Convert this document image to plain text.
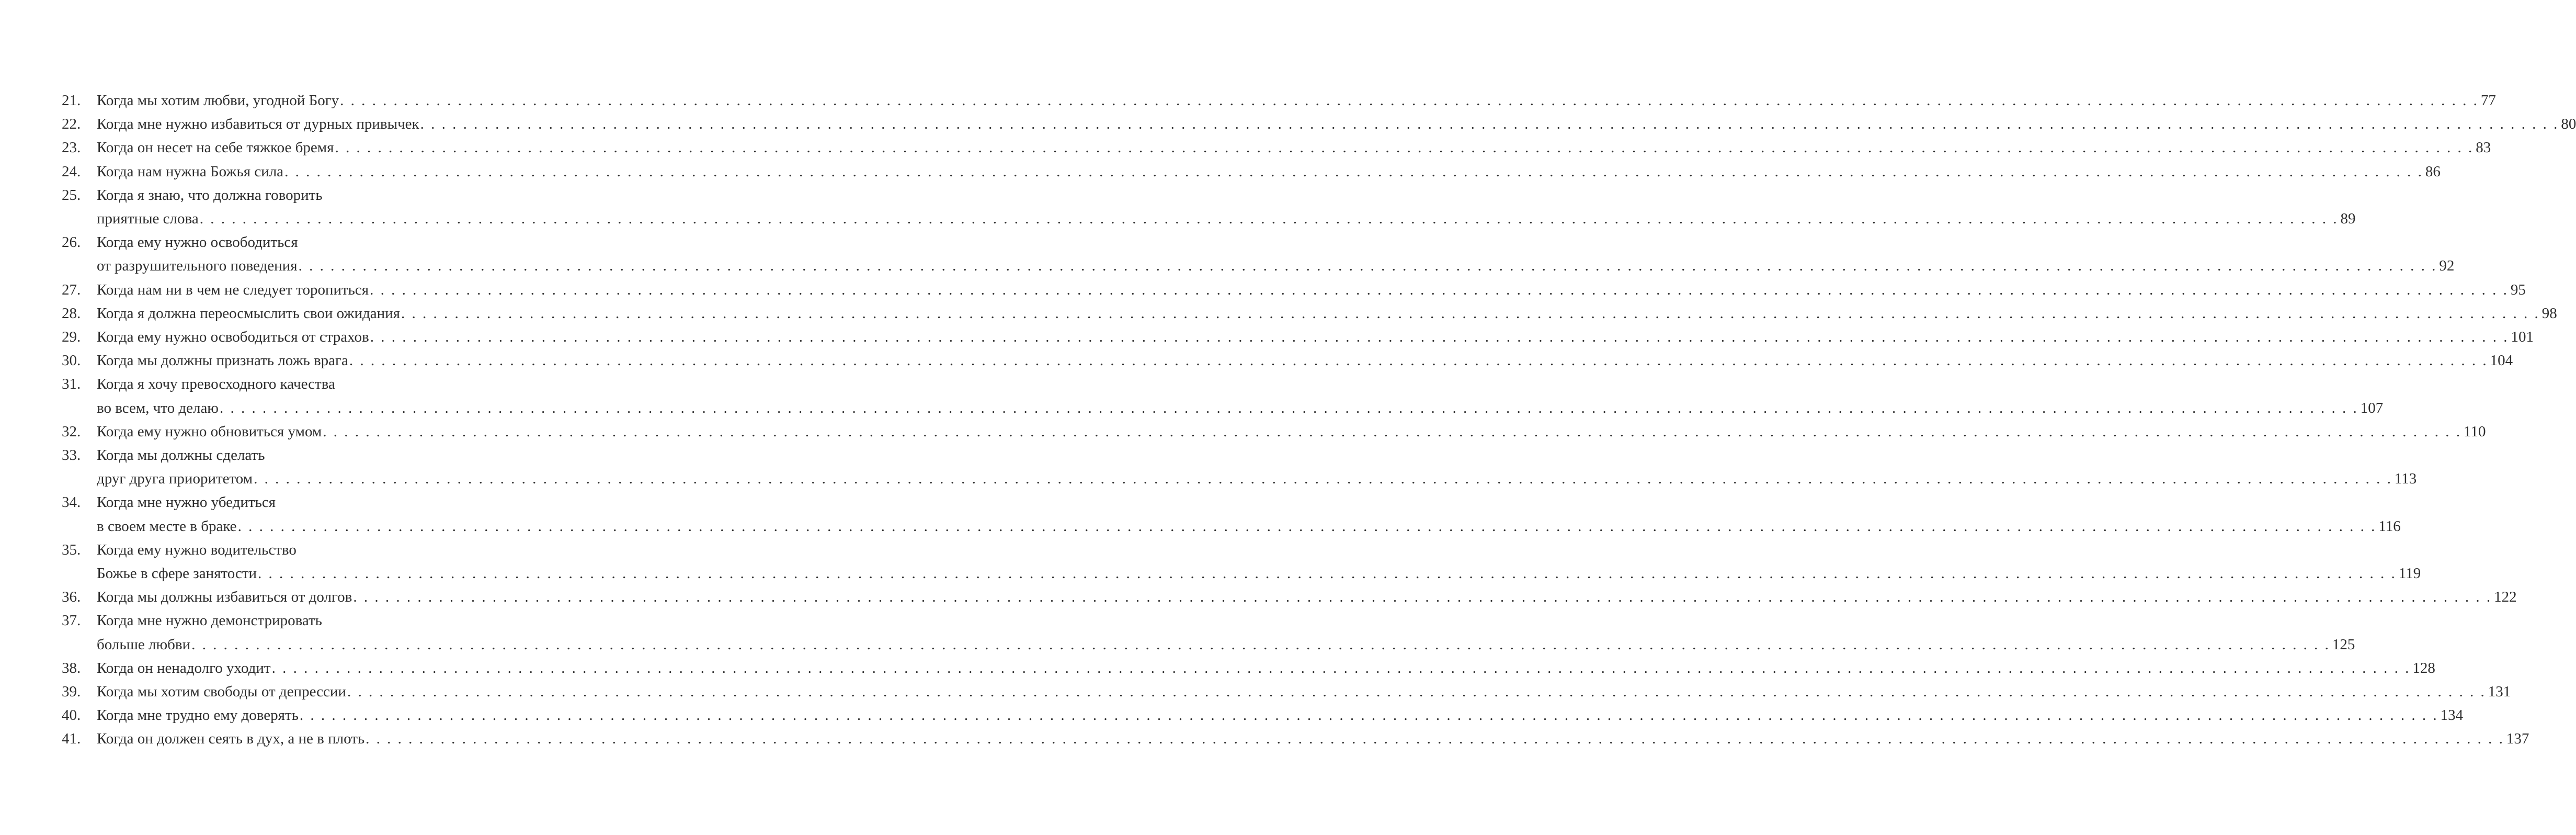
21.	Когда мы хотим любви, угодной Богу . . . . . . . . . . . . . . . . . . . . . . . . . . . . . . . . . . . . . . . . . . . . . . . . . . . . . . . . . . . . . . . . . . . . . . . . . . . . . . . . . . . . . . . . . . . . . . . . . . . . . . . . . . . . . . . . . . . . . . . . . . . . . . . . . . . . . . . . . . . . . . . . . . . . . . . . . . . . . . . . . . . . . . . . . . . . . . . . . . . . . . . . . . . . . . . . . . . . . . . . 77
22.	Когда мне нужно избавиться от дурных привычек . . . . . . . . . . . . . . . . . . . . . . . . . . . . . . . . . . . . . . . . . . . . . . . . . . . . . . . . . . . . . . . . . . . . . . . . . . . . . . . . . . . . . . . . . . . . . . . . . . . . . . . . . . . . . . . . . . . . . . . . . . . . . . . . . . . . . . . . . . . . . . . . . . . . . . . . . . . . . . . . . . . . . . . . . . . . . . . . . . . . . . . . . . . . . . . . . . . . . . . . 80
23.	Когда он несет на себе тяжкое бремя . . . . . . . . . . . . . . . . . . . . . . . . . . . . . . . . . . . . . . . . . . . . . . . . . . . . . . . . . . . . . . . . . . . . . . . . . . . . . . . . . . . . . . . . . . . . . . . . . . . . . . . . . . . . . . . . . . . . . . . . . . . . . . . . . . . . . . . . . . . . . . . . . . . . . . . . . . . . . . . . . . . . . . . . . . . . . . . . . . . . . . . . . . . . . . . . . . . . . . . . 83
24.	Когда нам нужна Божья сила . . . . . . . . . . . . . . . . . . . . . . . . . . . . . . . . . . . . . . . . . . . . . . . . . . . . . . . . . . . . . . . . . . . . . . . . . . . . . . . . . . . . . . . . . . . . . . . . . . . . . . . . . . . . . . . . . . . . . . . . . . . . . . . . . . . . . . . . . . . . . . . . . . . . . . . . . . . . . . . . . . . . . . . . . . . . . . . . . . . . . . . . . . . . . . . . . . . . . . . . 86
25.	Когда я знаю, что должна говорить
приятные слова . . . . . . . . . . . . . . . . . . . . . . . . . . . . . . . . . . . . . . . . . . . . . . . . . . . . . . . . . . . . . . . . . . . . . . . . . . . . . . . . . . . . . . . . . . . . . . . . . . . . . . . . . . . . . . . . . . . . . . . . . . . . . . . . . . . . . . . . . . . . . . . . . . . . . . . . . . . . . . . . . . . . . . . . . . . . . . . . . . . . . . . . . . . . . . . . . . . . . . . . 89
26.	Когда ему нужно освободиться
от разрушительного поведения . . . . . . . . . . . . . . . . . . . . . . . . . . . . . . . . . . . . . . . . . . . . . . . . . . . . . . . . . . . . . . . . . . . . . . . . . . . . . . . . . . . . . . . . . . . . . . . . . . . . . . . . . . . . . . . . . . . . . . . . . . . . . . . . . . . . . . . . . . . . . . . . . . . . . . . . . . . . . . . . . . . . . . . . . . . . . . . . . . . . . . . . . . . . . . . . . . . . . . . . 92
27.	Когда нам ни в чем не следует торопиться . . . . . . . . . . . . . . . . . . . . . . . . . . . . . . . . . . . . . . . . . . . . . . . . . . . . . . . . . . . . . . . . . . . . . . . . . . . . . . . . . . . . . . . . . . . . . . . . . . . . . . . . . . . . . . . . . . . . . . . . . . . . . . . . . . . . . . . . . . . . . . . . . . . . . . . . . . . . . . . . . . . . . . . . . . . . . . . . . . . . . . . . . . . . . . . . . . . . . . . . 95
28.	Когда я должна переосмыслить свои ожидания . . . . . . . . . . . . . . . . . . . . . . . . . . . . . . . . . . . . . . . . . . . . . . . . . . . . . . . . . . . . . . . . . . . . . . . . . . . . . . . . . . . . . . . . . . . . . . . . . . . . . . . . . . . . . . . . . . . . . . . . . . . . . . . . . . . . . . . . . . . . . . . . . . . . . . . . . . . . . . . . . . . . . . . . . . . . . . . . . . . . . . . . . . . . . . . . . . . . . . . . 98
29.	Когда ему нужно освободиться от страхов . . . . . . . . . . . . . . . . . . . . . . . . . . . . . . . . . . . . . . . . . . . . . . . . . . . . . . . . . . . . . . . . . . . . . . . . . . . . . . . . . . . . . . . . . . . . . . . . . . . . . . . . . . . . . . . . . . . . . . . . . . . . . . . . . . . . . . . . . . . . . . . . . . . . . . . . . . . . . . . . . . . . . . . . . . . . . . . . . . . . . . . . . . . . . . . . . . . . . . . . 101
30.	Когда мы должны признать ложь врага . . . . . . . . . . . . . . . . . . . . . . . . . . . . . . . . . . . . . . . . . . . . . . . . . . . . . . . . . . . . . . . . . . . . . . . . . . . . . . . . . . . . . . . . . . . . . . . . . . . . . . . . . . . . . . . . . . . . . . . . . . . . . . . . . . . . . . . . . . . . . . . . . . . . . . . . . . . . . . . . . . . . . . . . . . . . . . . . . . . . . . . . . . . . . . . . . . . . . . . . 104
31.	Когда я хочу превосходного качества
во всем, что делаю . . . . . . . . . . . . . . . . . . . . . . . . . . . . . . . . . . . . . . . . . . . . . . . . . . . . . . . . . . . . . . . . . . . . . . . . . . . . . . . . . . . . . . . . . . . . . . . . . . . . . . . . . . . . . . . . . . . . . . . . . . . . . . . . . . . . . . . . . . . . . . . . . . . . . . . . . . . . . . . . . . . . . . . . . . . . . . . . . . . . . . . . . . . . . . . . . . . . . . . . 107
32.	Когда ему нужно обновиться умом . . . . . . . . . . . . . . . . . . . . . . . . . . . . . . . . . . . . . . . . . . . . . . . . . . . . . . . . . . . . . . . . . . . . . . . . . . . . . . . . . . . . . . . . . . . . . . . . . . . . . . . . . . . . . . . . . . . . . . . . . . . . . . . . . . . . . . . . . . . . . . . . . . . . . . . . . . . . . . . . . . . . . . . . . . . . . . . . . . . . . . . . . . . . . . . . . . . . . . . . 110
33.	Когда мы должны сделать
друг друга приоритетом . . . . . . . . . . . . . . . . . . . . . . . . . . . . . . . . . . . . . . . . . . . . . . . . . . . . . . . . . . . . . . . . . . . . . . . . . . . . . . . . . . . . . . . . . . . . . . . . . . . . . . . . . . . . . . . . . . . . . . . . . . . . . . . . . . . . . . . . . . . . . . . . . . . . . . . . . . . . . . . . . . . . . . . . . . . . . . . . . . . . . . . . . . . . . . . . . . . . . . . . 113
34.	Когда мне нужно убедиться
в своем месте в браке . . . . . . . . . . . . . . . . . . . . . . . . . . . . . . . . . . . . . . . . . . . . . . . . . . . . . . . . . . . . . . . . . . . . . . . . . . . . . . . . . . . . . . . . . . . . . . . . . . . . . . . . . . . . . . . . . . . . . . . . . . . . . . . . . . . . . . . . . . . . . . . . . . . . . . . . . . . . . . . . . . . . . . . . . . . . . . . . . . . . . . . . . . . . . . . . . . . . . . . . 116
35.	Когда ему нужно водительство
Божье в сфере занятости . . . . . . . . . . . . . . . . . . . . . . . . . . . . . . . . . . . . . . . . . . . . . . . . . . . . . . . . . . . . . . . . . . . . . . . . . . . . . . . . . . . . . . . . . . . . . . . . . . . . . . . . . . . . . . . . . . . . . . . . . . . . . . . . . . . . . . . . . . . . . . . . . . . . . . . . . . . . . . . . . . . . . . . . . . . . . . . . . . . . . . . . . . . . . . . . . . . . . . . . 119
36.	Когда мы должны избавиться от долгов . . . . . . . . . . . . . . . . . . . . . . . . . . . . . . . . . . . . . . . . . . . . . . . . . . . . . . . . . . . . . . . . . . . . . . . . . . . . . . . . . . . . . . . . . . . . . . . . . . . . . . . . . . . . . . . . . . . . . . . . . . . . . . . . . . . . . . . . . . . . . . . . . . . . . . . . . . . . . . . . . . . . . . . . . . . . . . . . . . . . . . . . . . . . . . . . . . . . . . . . 122
37.	Когда мне нужно демонстрировать
больше любви . . . . . . . . . . . . . . . . . . . . . . . . . . . . . . . . . . . . . . . . . . . . . . . . . . . . . . . . . . . . . . . . . . . . . . . . . . . . . . . . . . . . . . . . . . . . . . . . . . . . . . . . . . . . . . . . . . . . . . . . . . . . . . . . . . . . . . . . . . . . . . . . . . . . . . . . . . . . . . . . . . . . . . . . . . . . . . . . . . . . . . . . . . . . . . . . . . . . . . . . 125
38.	Когда он ненадолго уходит . . . . . . . . . . . . . . . . . . . . . . . . . . . . . . . . . . . . . . . . . . . . . . . . . . . . . . . . . . . . . . . . . . . . . . . . . . . . . . . . . . . . . . . . . . . . . . . . . . . . . . . . . . . . . . . . . . . . . . . . . . . . . . . . . . . . . . . . . . . . . . . . . . . . . . . . . . . . . . . . . . . . . . . . . . . . . . . . . . . . . . . . . . . . . . . . . . . . . . . . 128
39.	Когда мы хотим свободы от депрессии . . . . . . . . . . . . . . . . . . . . . . . . . . . . . . . . . . . . . . . . . . . . . . . . . . . . . . . . . . . . . . . . . . . . . . . . . . . . . . . . . . . . . . . . . . . . . . . . . . . . . . . . . . . . . . . . . . . . . . . . . . . . . . . . . . . . . . . . . . . . . . . . . . . . . . . . . . . . . . . . . . . . . . . . . . . . . . . . . . . . . . . . . . . . . . . . . . . . . . . . 131
40.	Когда мне трудно ему доверять . . . . . . . . . . . . . . . . . . . . . . . . . . . . . . . . . . . . . . . . . . . . . . . . . . . . . . . . . . . . . . . . . . . . . . . . . . . . . . . . . . . . . . . . . . . . . . . . . . . . . . . . . . . . . . . . . . . . . . . . . . . . . . . . . . . . . . . . . . . . . . . . . . . . . . . . . . . . . . . . . . . . . . . . . . . . . . . . . . . . . . . . . . . . . . . . . . . . . . . . 134
41.	Когда он должен сеять в дух, а не в плоть . . . . . . . . . . . . . . . . . . . . . . . . . . . . . . . . . . . . . . . . . . . . . . . . . . . . . . . . . . . . . . . . . . . . . . . . . . . . . . . . . . . . . . . . . . . . . . . . . . . . . . . . . . . . . . . . . . . . . . . . . . . . . . . . . . . . . . . . . . . . . . . . . . . . . . . . . . . . . . . . . . . . . . . . . . . . . . . . . . . . . . . . . . . . . . . . . . . . . . . . 137
